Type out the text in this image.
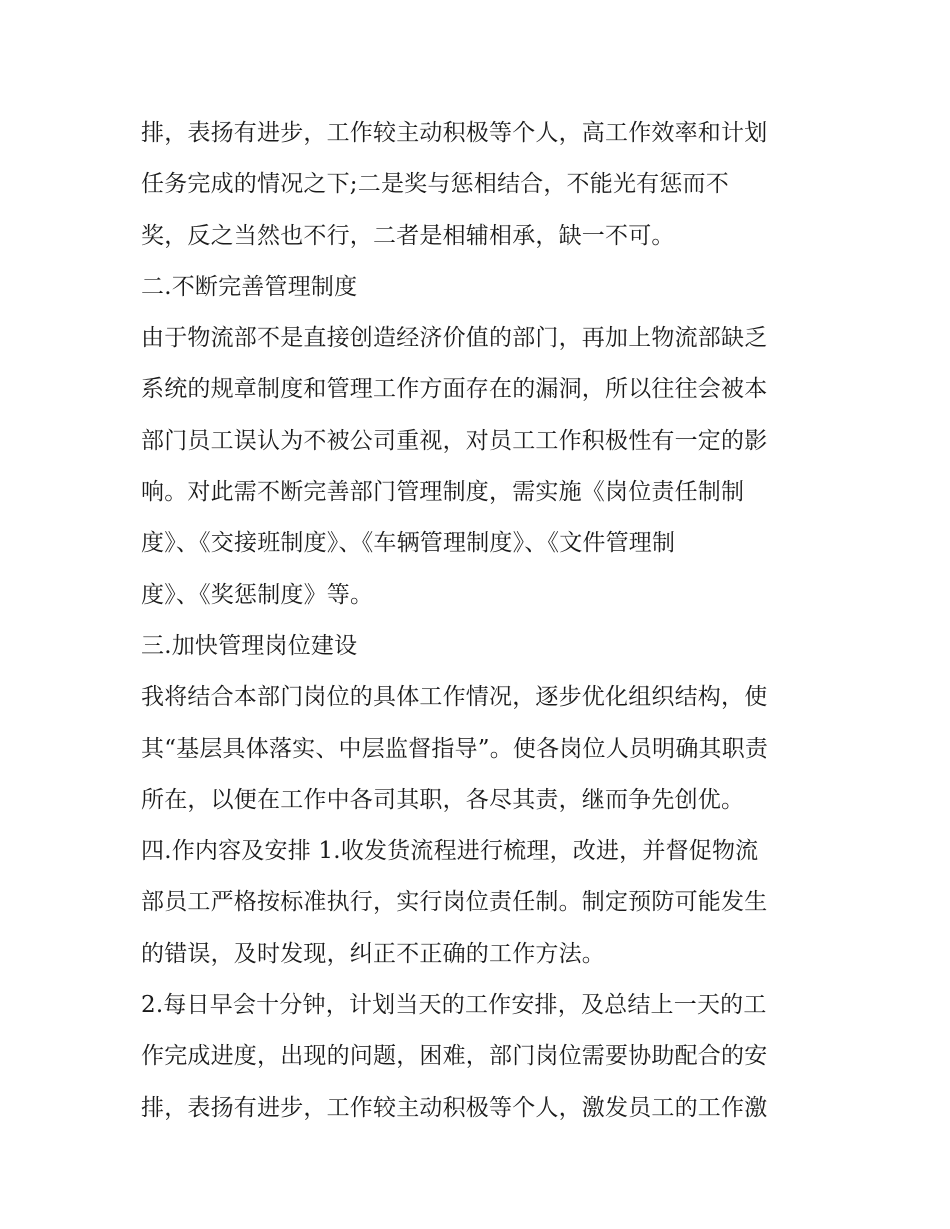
排，表扬有进步，工作较主动积极等个人，高工作效率和计划
任务完成的情况之下;二是奖与惩相结合，不能光有惩而不
奖，反之当然也不行，二者是相辅相承，缺一不可。
二.不断完善管理制度
由于物流部不是直接创造经济价值的部门，再加上物流部缺乏
系统的规章制度和管理工作方面存在的漏洞，所以往往会被本
部门员工误认为不被公司重视，对员工工作积极性有一定的影
响。对此需不断完善部门管理制度，需实施《岗位责任制制
度》、《交接班制度》、《车辆管理制度》、《文件管理制
度》、《奖惩制度》等。
三.加快管理岗位建设
我将结合本部门岗位的具体工作情况，逐步优化组织结构，使
其“基层具体落实、中层监督指导”。使各岗位人员明确其职责
所在，以便在工作中各司其职，各尽其责，继而争先创优。
四.作内容及安排 1.收发货流程进行梳理，改进，并督促物流
部员工严格按标准执行，实行岗位责任制。制定预防可能发生
的错误，及时发现，纠正不正确的工作方法。
2.每日早会十分钟，计划当天的工作安排，及总结上一天的工
作完成进度，出现的问题，困难，部门岗位需要协助配合的安
排，表扬有进步，工作较主动积极等个人，激发员工的工作激
